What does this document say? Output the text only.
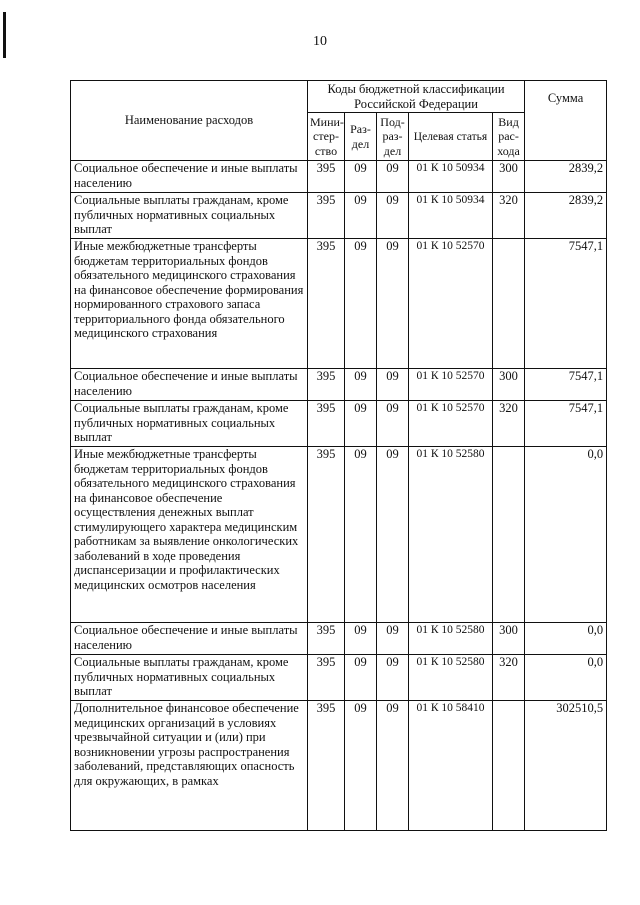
10
Наименование расходов	Коды бюджетной классификации Российской Федерации					Сумма
	Мини-
стер-
ство	Раз-
дел	Под-
раз-
дел	Целевая статья	Вид
рас-
хода	
Социальное обеспечение и иные выплаты населению	395	09	09	01 К 10 50934	300	2839,2
Социальные выплаты гражданам, кроме публичных нормативных социальных выплат	395	09	09	01 К 10 50934	320	2839,2
Иные межбюджетные трансферты бюджетам территориальных фондов обязательного медицинского страхования на финансовое обеспечение формирования нормированного страхового запаса территориального фонда обязательного медицинского страхования	395	09	09	01 К 10 52570		7547,1
Социальное обеспечение и иные выплаты населению	395	09	09	01 К 10 52570	300	7547,1
Социальные выплаты гражданам, кроме публичных нормативных социальных выплат	395	09	09	01 К 10 52570	320	7547,1
Иные межбюджетные трансферты бюджетам территориальных фондов обязательного медицинского страхования на финансовое обеспечение осуществления денежных выплат стимулирующего характера медицинским работникам за выявление онкологических заболеваний в ходе проведения диспансеризации и профилактических медицинских осмотров населения	395	09	09	01 К 10 52580		0,0
Социальное обеспечение и иные выплаты населению	395	09	09	01 К 10 52580	300	0,0
Социальные выплаты гражданам, кроме публичных нормативных социальных выплат	395	09	09	01 К 10 52580	320	0,0
Дополнительное финансовое обеспечение медицинских организаций в условиях чрезвычайной ситуации и (или) при возникновении угрозы распространения заболеваний, представляющих опасность для окружающих, в рамках	395	09	09	01 К 10 58410		302510,5
